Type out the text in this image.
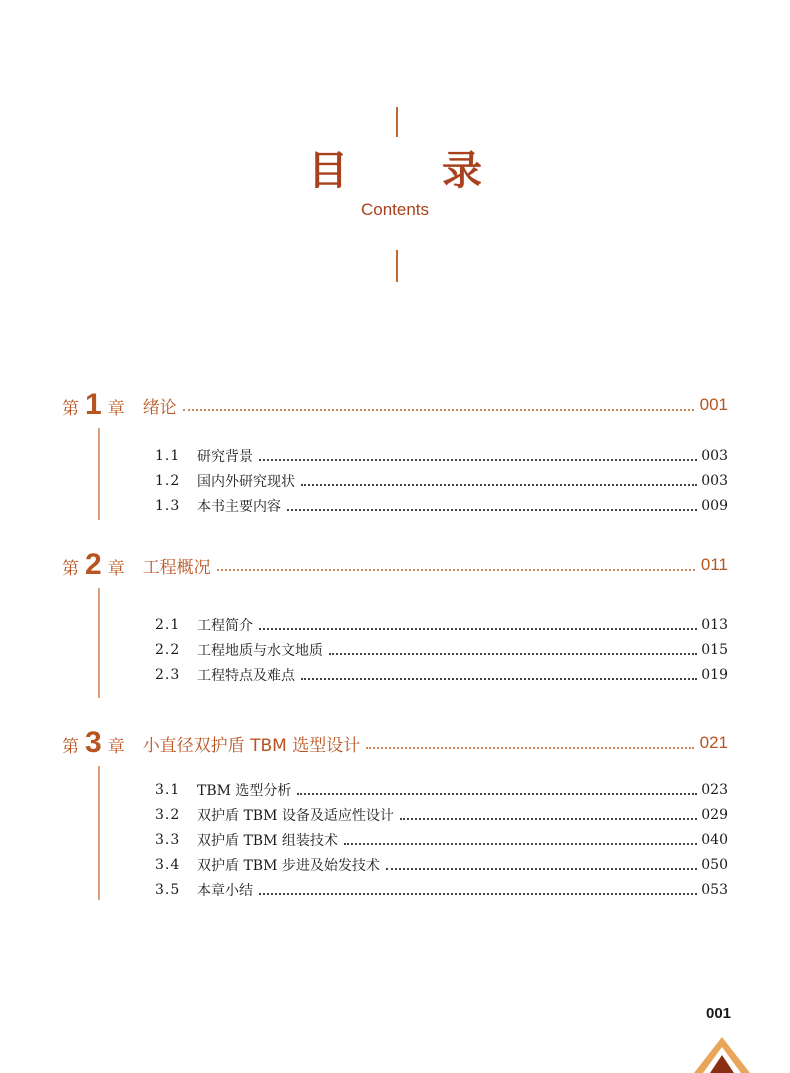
目 录
Contents
第 1 章 绪论	001
1.1	研究背景	003
1.2	国内外研究现状	003
1.3	本书主要内容	009
第 2 章 工程概况	011
2.1	工程简介	013
2.2	工程地质与水文地质	015
2.3	工程特点及难点	019
第 3 章 小直径双护盾 TBM 选型设计	021
3.1	TBM 选型分析	023
3.2	双护盾 TBM 设备及适应性设计	029
3.3	双护盾 TBM 组装技术	040
3.4	双护盾 TBM 步进及始发技术	050
3.5	本章小结	053
001
